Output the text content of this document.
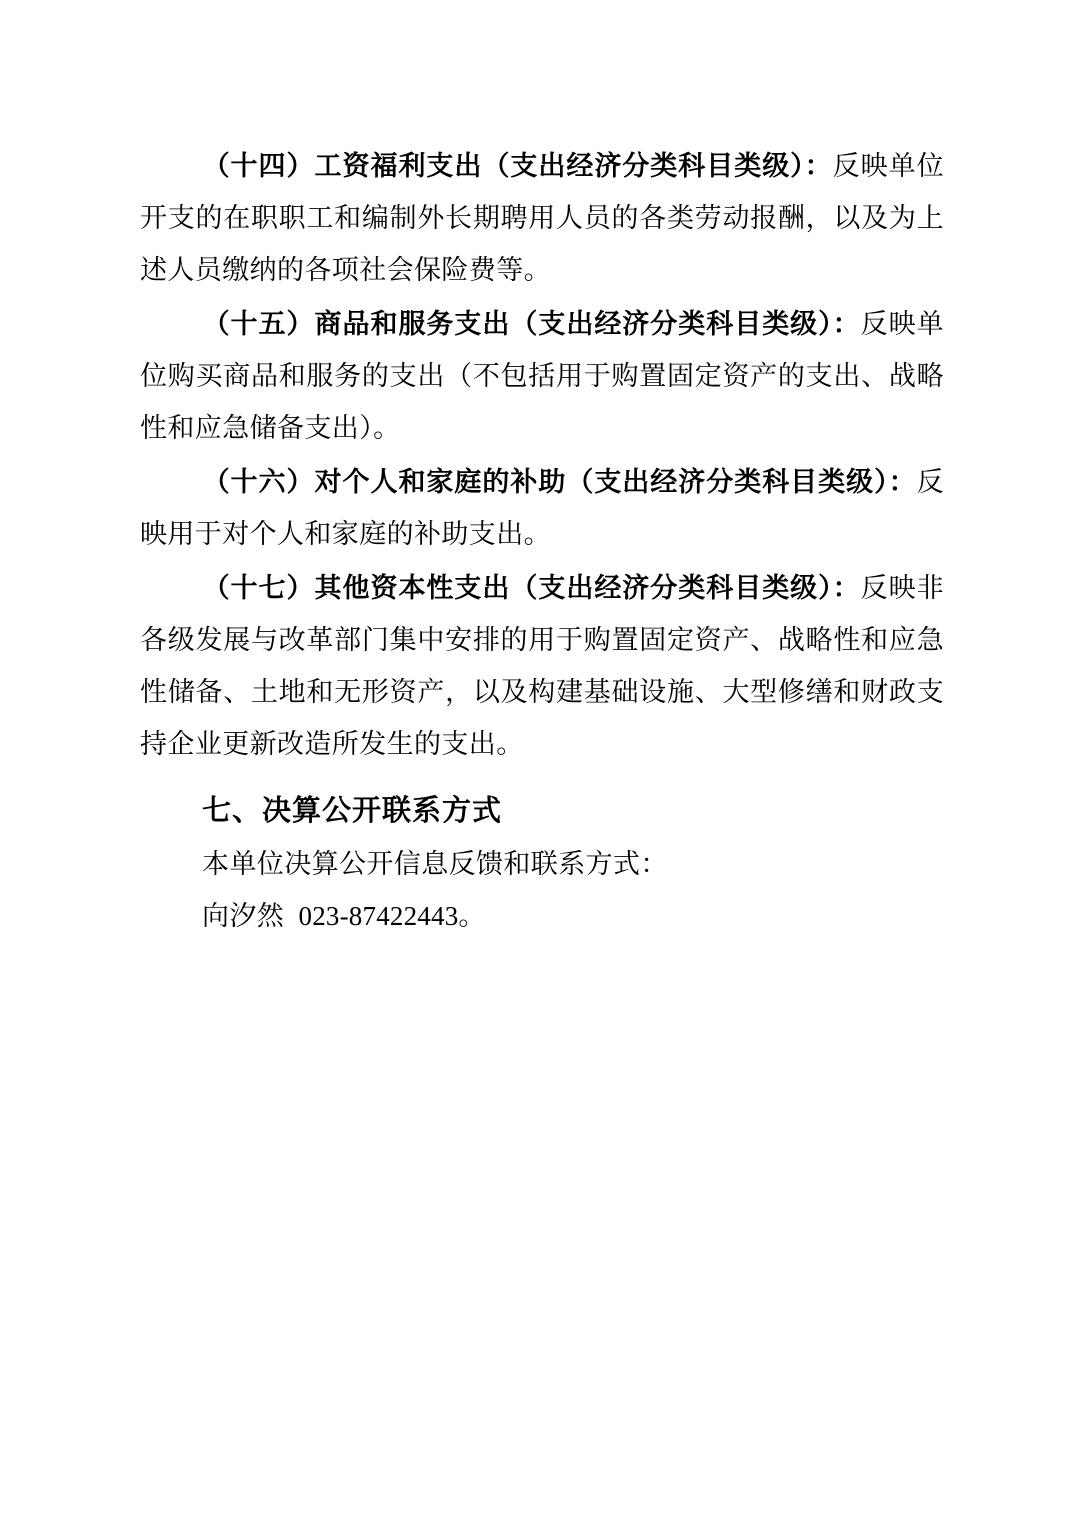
（十四）工资福利支出（支出经济分类科目类级）：反映单位开支的在职职工和编制外长期聘用人员的各类劳动报酬，以及为上述人员缴纳的各项社会保险费等。

（十五）商品和服务支出（支出经济分类科目类级）：反映单位购买商品和服务的支出（不包括用于购置固定资产的支出、战略性和应急储备支出）。

（十六）对个人和家庭的补助（支出经济分类科目类级）：反映用于对个人和家庭的补助支出。

（十七）其他资本性支出（支出经济分类科目类级）：反映非各级发展与改革部门集中安排的用于购置固定资产、战略性和应急性储备、土地和无形资产，以及构建基础设施、大型修缮和财政支持企业更新改造所发生的支出。

七、决算公开联系方式

本单位决算公开信息反馈和联系方式：

向汐然 023-87422443。
